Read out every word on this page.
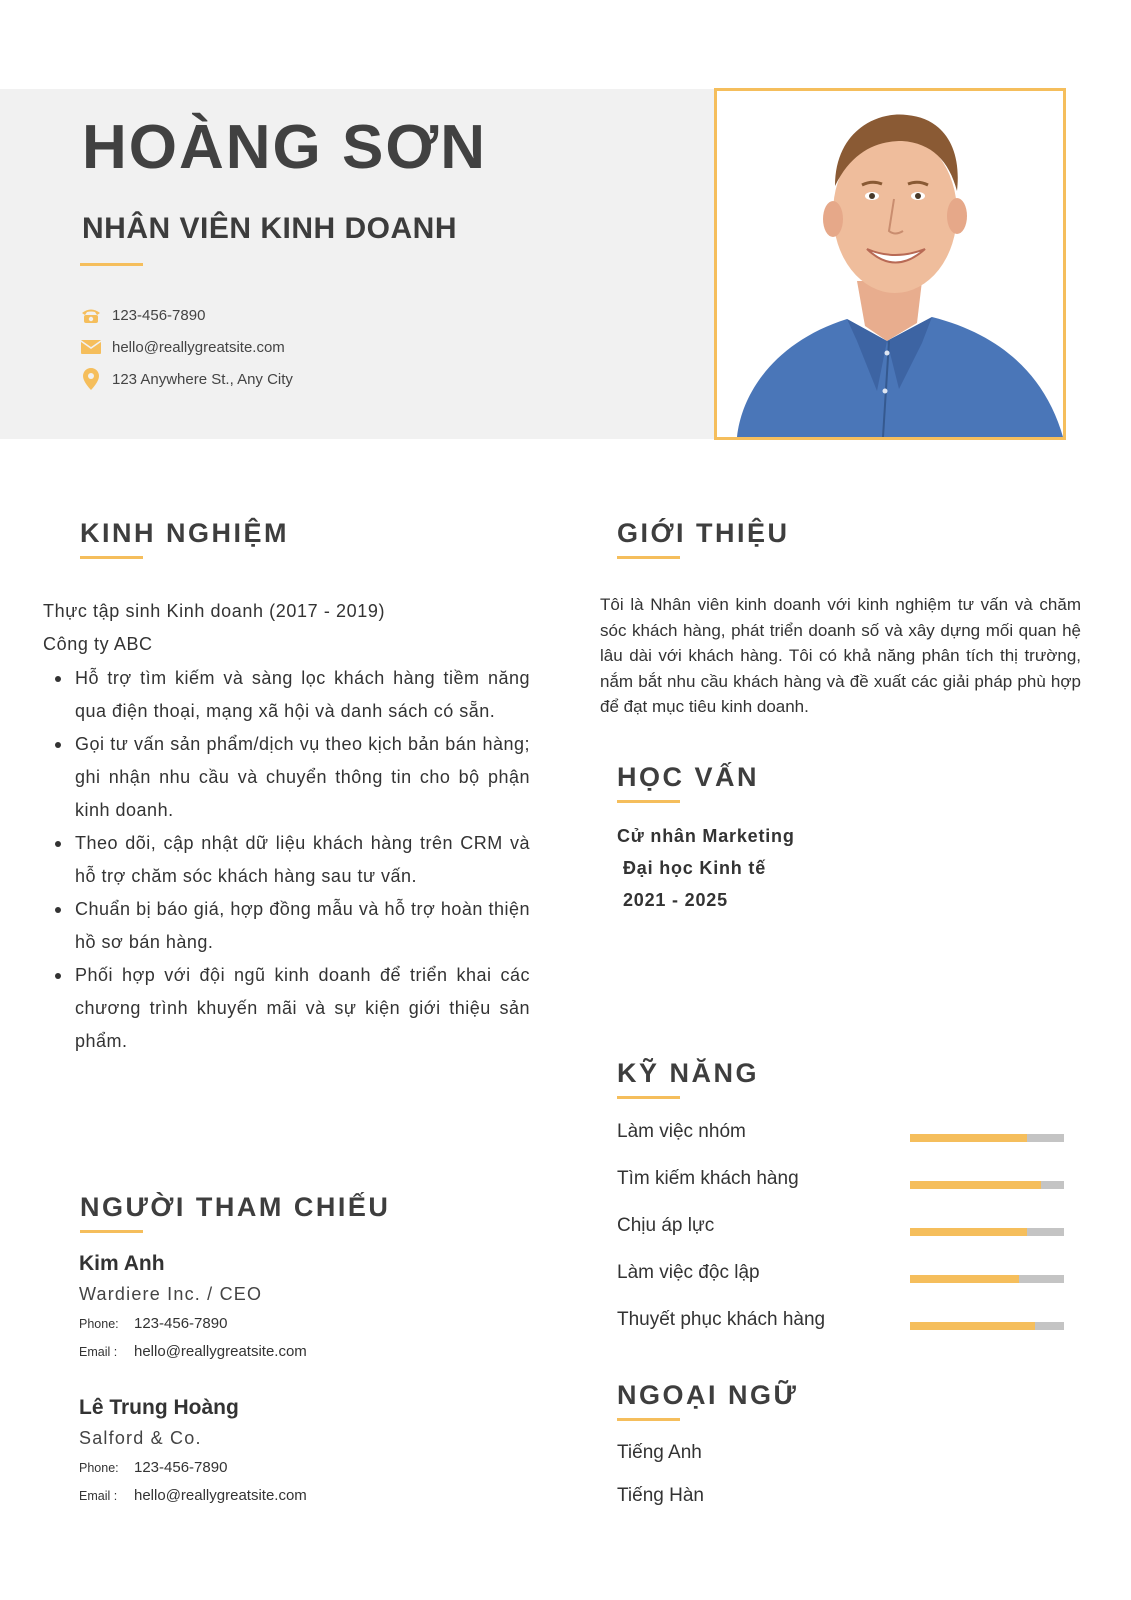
HOÀNG SƠN
NHÂN VIÊN KINH DOANH
123-456-7890
hello@reallygreatsite.com
123 Anywhere St., Any City
KINH NGHIỆM
Thực tập sinh Kinh doanh (2017 - 2019)
Công ty ABC
Hỗ trợ tìm kiếm và sàng lọc khách hàng tiềm năng qua điện thoại, mạng xã hội và danh sách có sẵn.
Gọi tư vấn sản phẩm/dịch vụ theo kịch bản bán hàng; ghi nhận nhu cầu và chuyển thông tin cho bộ phận kinh doanh.
Theo dõi, cập nhật dữ liệu khách hàng trên CRM và hỗ trợ chăm sóc khách hàng sau tư vấn.
Chuẩn bị báo giá, hợp đồng mẫu và hỗ trợ hoàn thiện hồ sơ bán hàng.
Phối hợp với đội ngũ kinh doanh để triển khai các chương trình khuyến mãi và sự kiện giới thiệu sản phẩm.
GIỚI THIỆU
Tôi là Nhân viên kinh doanh với kinh nghiệm tư vấn và chăm sóc khách hàng, phát triển doanh số và xây dựng mối quan hệ lâu dài với khách hàng. Tôi có khả năng phân tích thị trường, nắm bắt nhu cầu khách hàng và đề xuất các giải pháp phù hợp để đạt mục tiêu kinh doanh.
HỌC VẤN
Cử nhân Marketing
Đại học Kinh tế
2021 - 2025
KỸ NĂNG
Làm việc nhóm
Tìm kiếm khách hàng
Chịu áp lực
Làm việc độc lập
Thuyết phục khách hàng
NGOẠI NGỮ
Tiếng Anh
Tiếng Hàn
NGƯỜI THAM CHIẾU
Kim Anh
Wardiere Inc. / CEO
Phone: 123-456-7890
Email : hello@reallygreatsite.com
Lê Trung Hoàng
Salford & Co.
Phone: 123-456-7890
Email : hello@reallygreatsite.com
